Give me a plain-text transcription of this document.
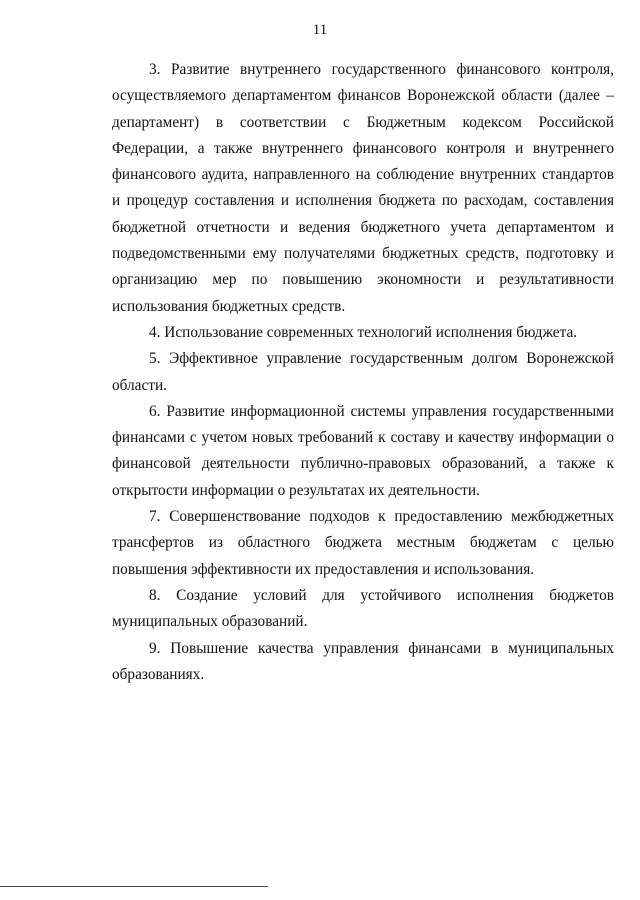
11

3. Развитие внутреннего государственного финансового контроля, осуществляемого департаментом финансов Воронежской области (далее – департамент) в соответствии с Бюджетным кодексом Российской Федерации, а также внутреннего финансового контроля и внутреннего финансового аудита, направленного на соблюдение внутренних стандартов и процедур составления и исполнения бюджета по расходам, составления бюджетной отчетности и ведения бюджетного учета департаментом и подведомственными ему получателями бюджетных средств, подготовку и организацию мер по повышению экономности и результативности использования бюджетных средств.

4. Использование современных технологий исполнения бюджета.

5. Эффективное управление государственным долгом Воронежской области.

6. Развитие информационной системы управления государственными финансами с учетом новых требований к составу и качеству информации о финансовой деятельности публично-правовых образований, а также к открытости информации о результатах их деятельности.

7. Совершенствование подходов к предоставлению межбюджетных трансфертов из областного бюджета местным бюджетам с целью повышения эффективности их предоставления и использования.

8. Создание условий для устойчивого исполнения бюджетов муниципальных образований.

9. Повышение качества управления финансами в муниципальных образованиях.
